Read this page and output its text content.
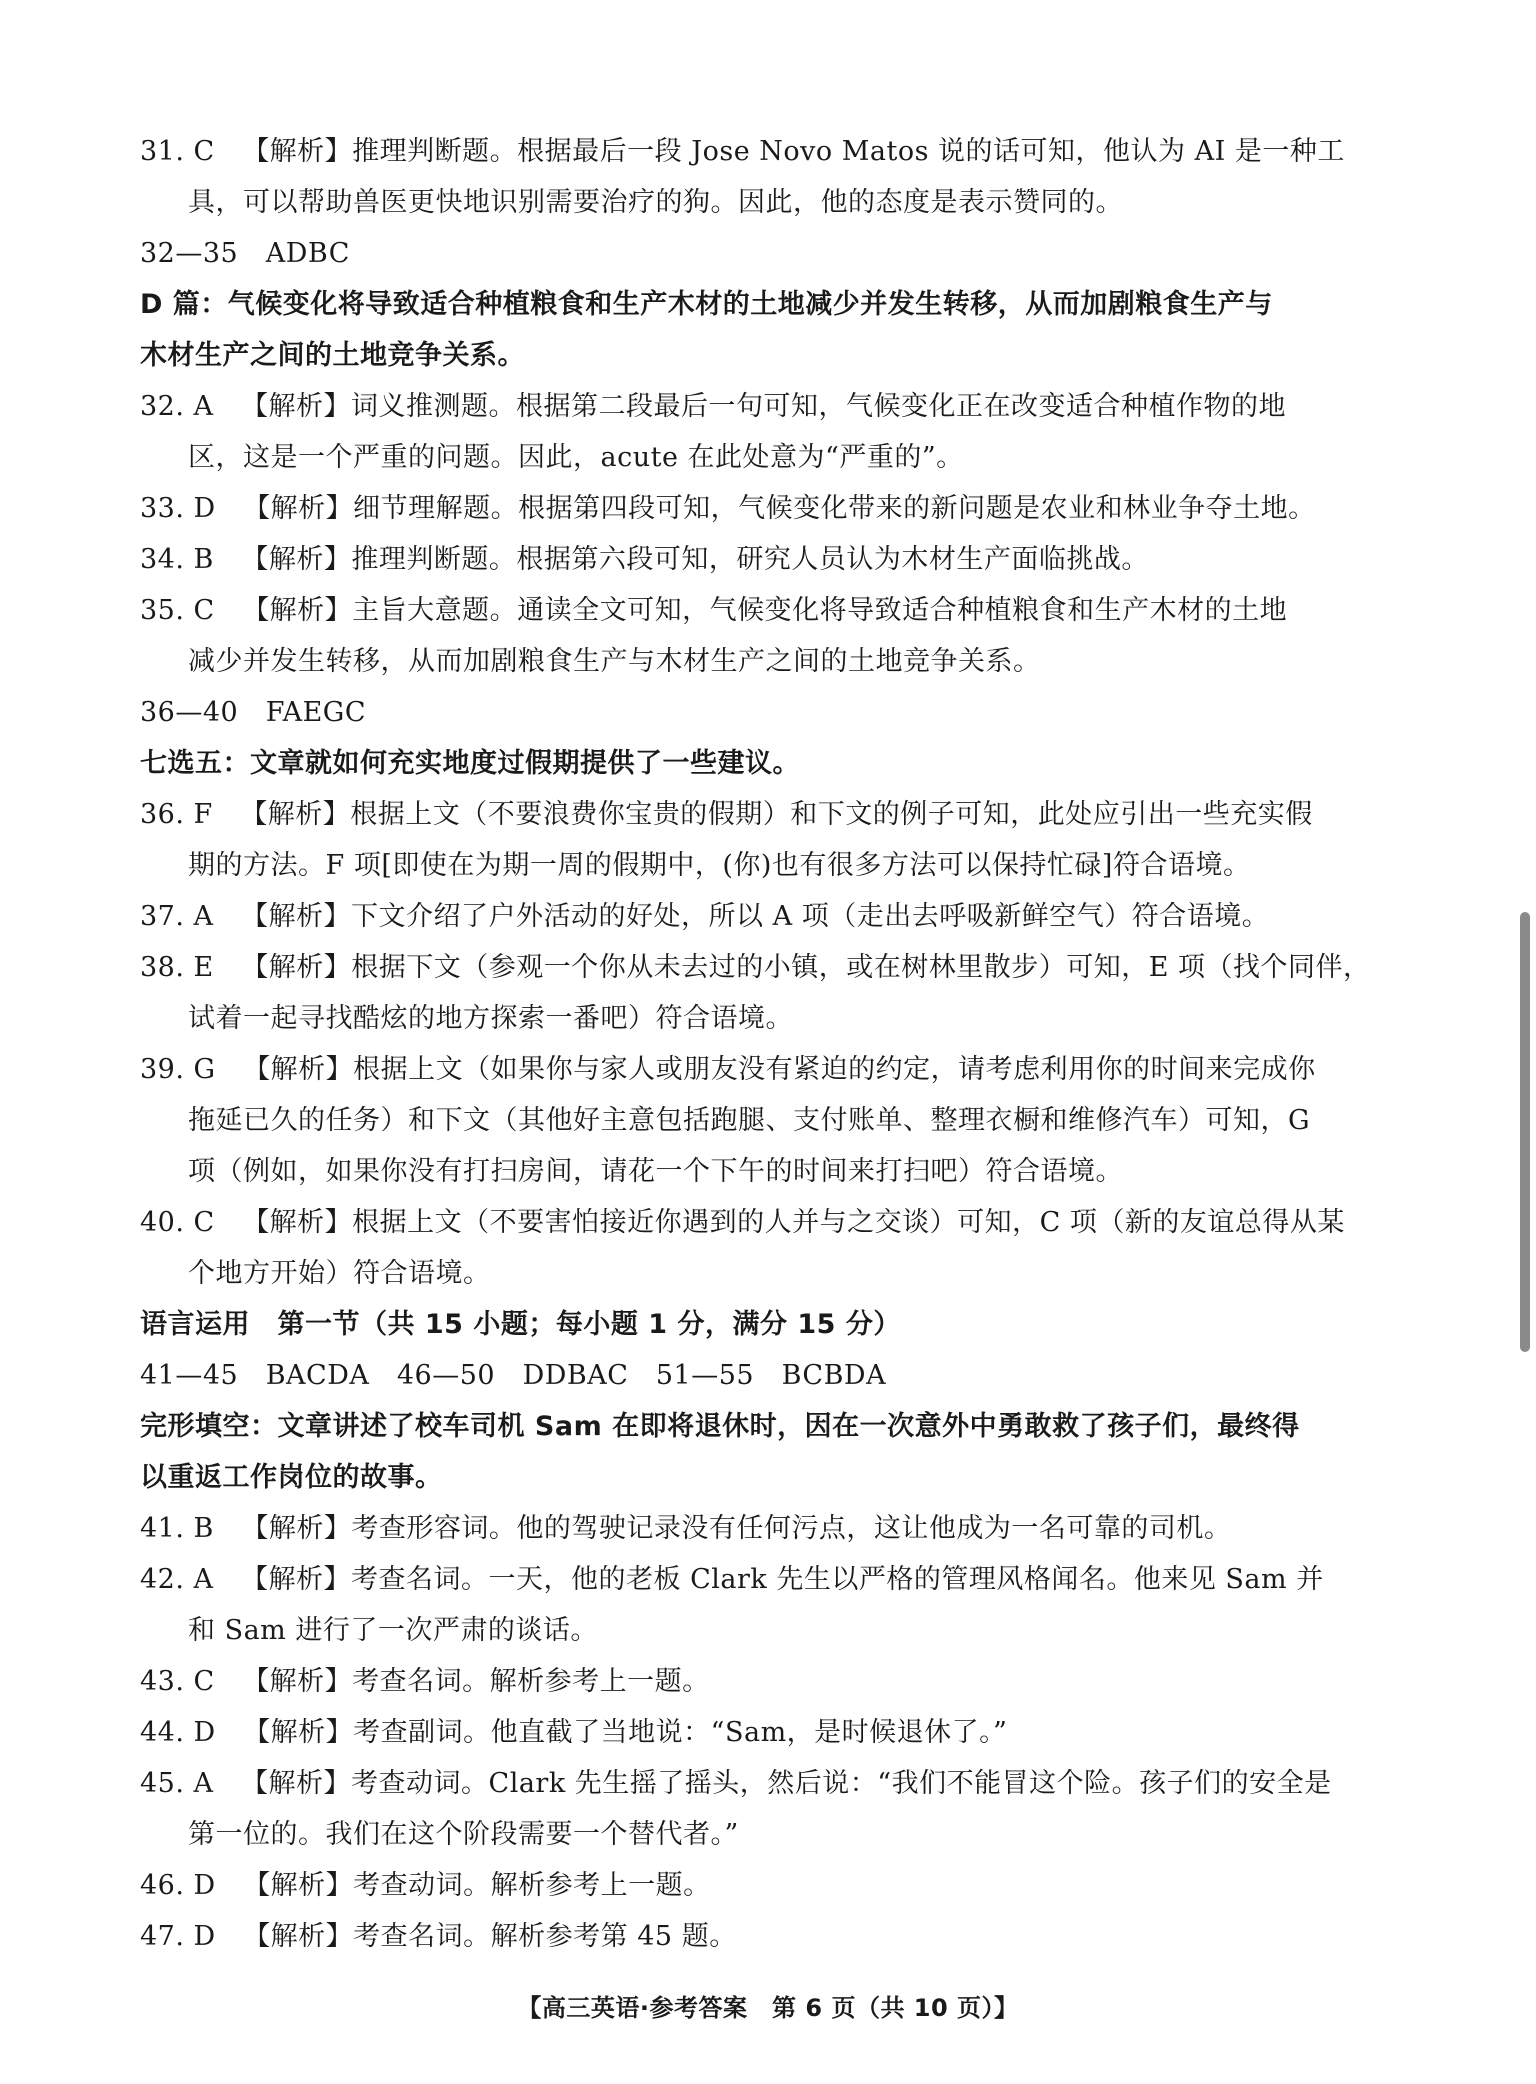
31. C　 【解析】推理判断题。根据最后一段 Jose Novo Matos 说的话可知，他认为 AI 是一种工
具，可以帮助兽医更快地识别需要治疗的狗。因此，他的态度是表示赞同的。
32—35　ADBC
D 篇：气候变化将导致适合种植粮食和生产木材的土地减少并发生转移，从而加剧粮食生产与
木材生产之间的土地竞争关系。
32. A　 【解析】词义推测题。根据第二段最后一句可知，气候变化正在改变适合种植作物的地
区，这是一个严重的问题。因此，acute 在此处意为“严重的”。
33. D　 【解析】细节理解题。根据第四段可知，气候变化带来的新问题是农业和林业争夺土地。
34. B　 【解析】推理判断题。根据第六段可知，研究人员认为木材生产面临挑战。
35. C　 【解析】主旨大意题。通读全文可知，气候变化将导致适合种植粮食和生产木材的土地
减少并发生转移，从而加剧粮食生产与木材生产之间的土地竞争关系。
36—40　FAEGC
七选五：文章就如何充实地度过假期提供了一些建议。
36. F　 【解析】根据上文（不要浪费你宝贵的假期）和下文的例子可知，此处应引出一些充实假
期的方法。F 项[即使在为期一周的假期中，(你)也有很多方法可以保持忙碌]符合语境。
37. A　 【解析】下文介绍了户外活动的好处，所以 A 项（走出去呼吸新鲜空气）符合语境。
38. E　 【解析】根据下文（参观一个你从未去过的小镇，或在树林里散步）可知，E 项（找个同伴，
试着一起寻找酷炫的地方探索一番吧）符合语境。
39. G　 【解析】根据上文（如果你与家人或朋友没有紧迫的约定，请考虑利用你的时间来完成你
拖延已久的任务）和下文（其他好主意包括跑腿、支付账单、整理衣橱和维修汽车）可知，G
项（例如，如果你没有打扫房间，请花一个下午的时间来打扫吧）符合语境。
40. C　 【解析】根据上文（不要害怕接近你遇到的人并与之交谈）可知，C 项（新的友谊总得从某
个地方开始）符合语境。
语言运用　第一节（共 15 小题；每小题 1 分，满分 15 分）
41—45　BACDA　46—50　DDBAC　51—55　BCBDA
完形填空：文章讲述了校车司机 Sam 在即将退休时，因在一次意外中勇敢救了孩子们，最终得
以重返工作岗位的故事。
41. B　 【解析】考查形容词。他的驾驶记录没有任何污点，这让他成为一名可靠的司机。
42. A　 【解析】考查名词。一天，他的老板 Clark 先生以严格的管理风格闻名。他来见 Sam 并
和 Sam 进行了一次严肃的谈话。
43. C　 【解析】考查名词。解析参考上一题。
44. D　 【解析】考查副词。他直截了当地说：“Sam，是时候退休了。”
45. A　 【解析】考查动词。Clark 先生摇了摇头，然后说：“我们不能冒这个险。孩子们的安全是
第一位的。我们在这个阶段需要一个替代者。”
46. D　 【解析】考查动词。解析参考上一题。
47. D　 【解析】考查名词。解析参考第 45 题。
【高三英语·参考答案　第 6 页（共 10 页）】
